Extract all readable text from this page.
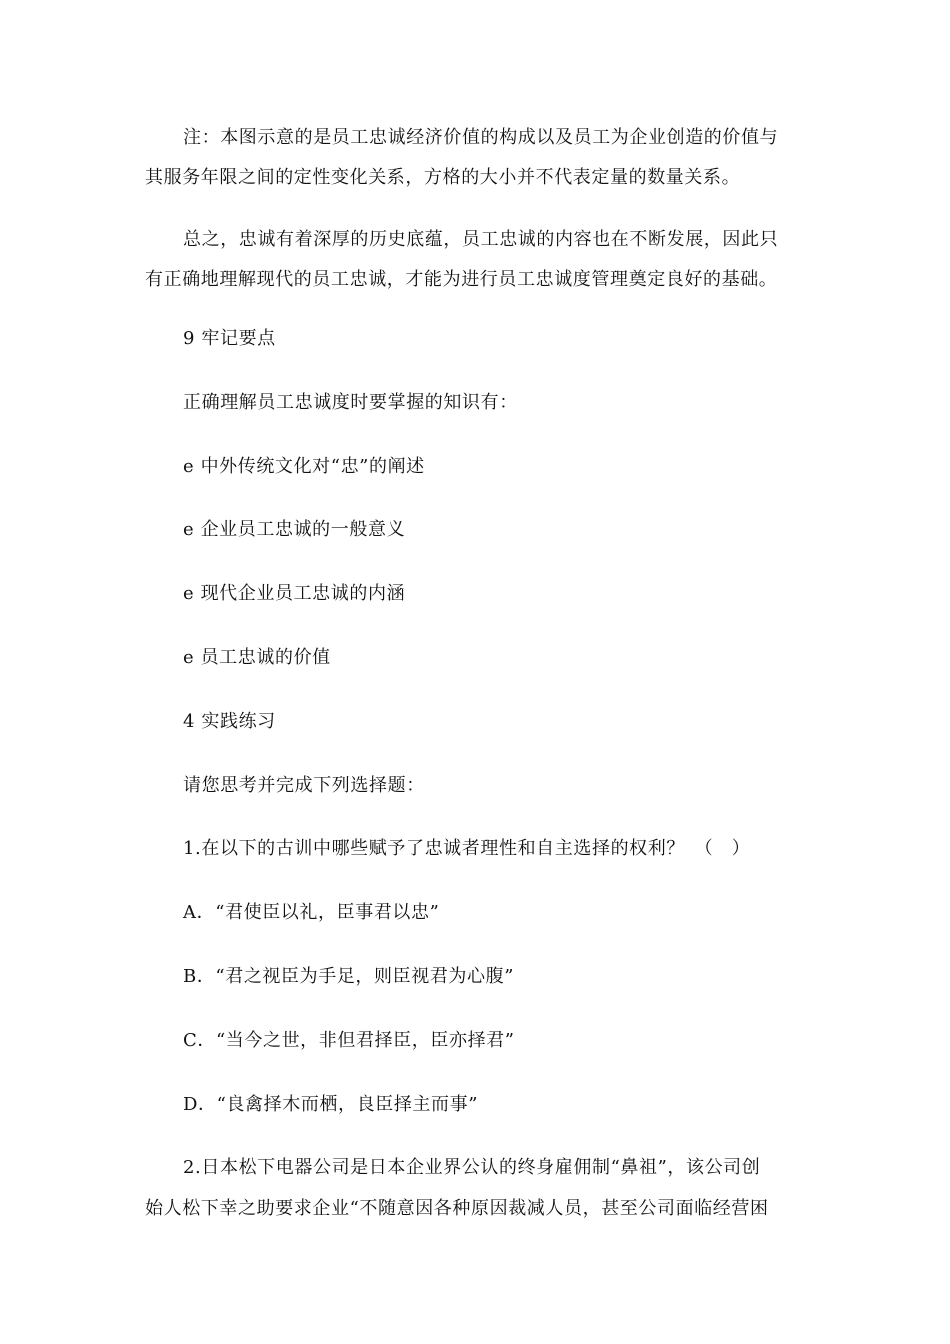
注：本图示意的是员工忠诚经济价值的构成以及员工为企业创造的价值与
其服务年限之间的定性变化关系，方格的大小并不代表定量的数量关系。
总之，忠诚有着深厚的历史底蕴，员工忠诚的内容也在不断发展，因此只
有正确地理解现代的员工忠诚，才能为进行员工忠诚度管理奠定良好的基础。
9 牢记要点
正确理解员工忠诚度时要掌握的知识有：
e 中外传统文化对“忠”的阐述
e 企业员工忠诚的一般意义
e 现代企业员工忠诚的内涵
e 员工忠诚的价值
4 实践练习
请您思考并完成下列选择题：
1.在以下的古训中哪些赋予了忠诚者理性和自主选择的权利？　（　）
A．“君使臣以礼，臣事君以忠”
B．“君之视臣为手足，则臣视君为心腹”
C．“当今之世，非但君择臣，臣亦择君”
D．“良禽择木而栖，良臣择主而事”
2.日本松下电器公司是日本企业界公认的终身雇佣制“鼻祖”，该公司创
始人松下幸之助要求企业“不随意因各种原因裁减人员，甚至公司面临经营困
